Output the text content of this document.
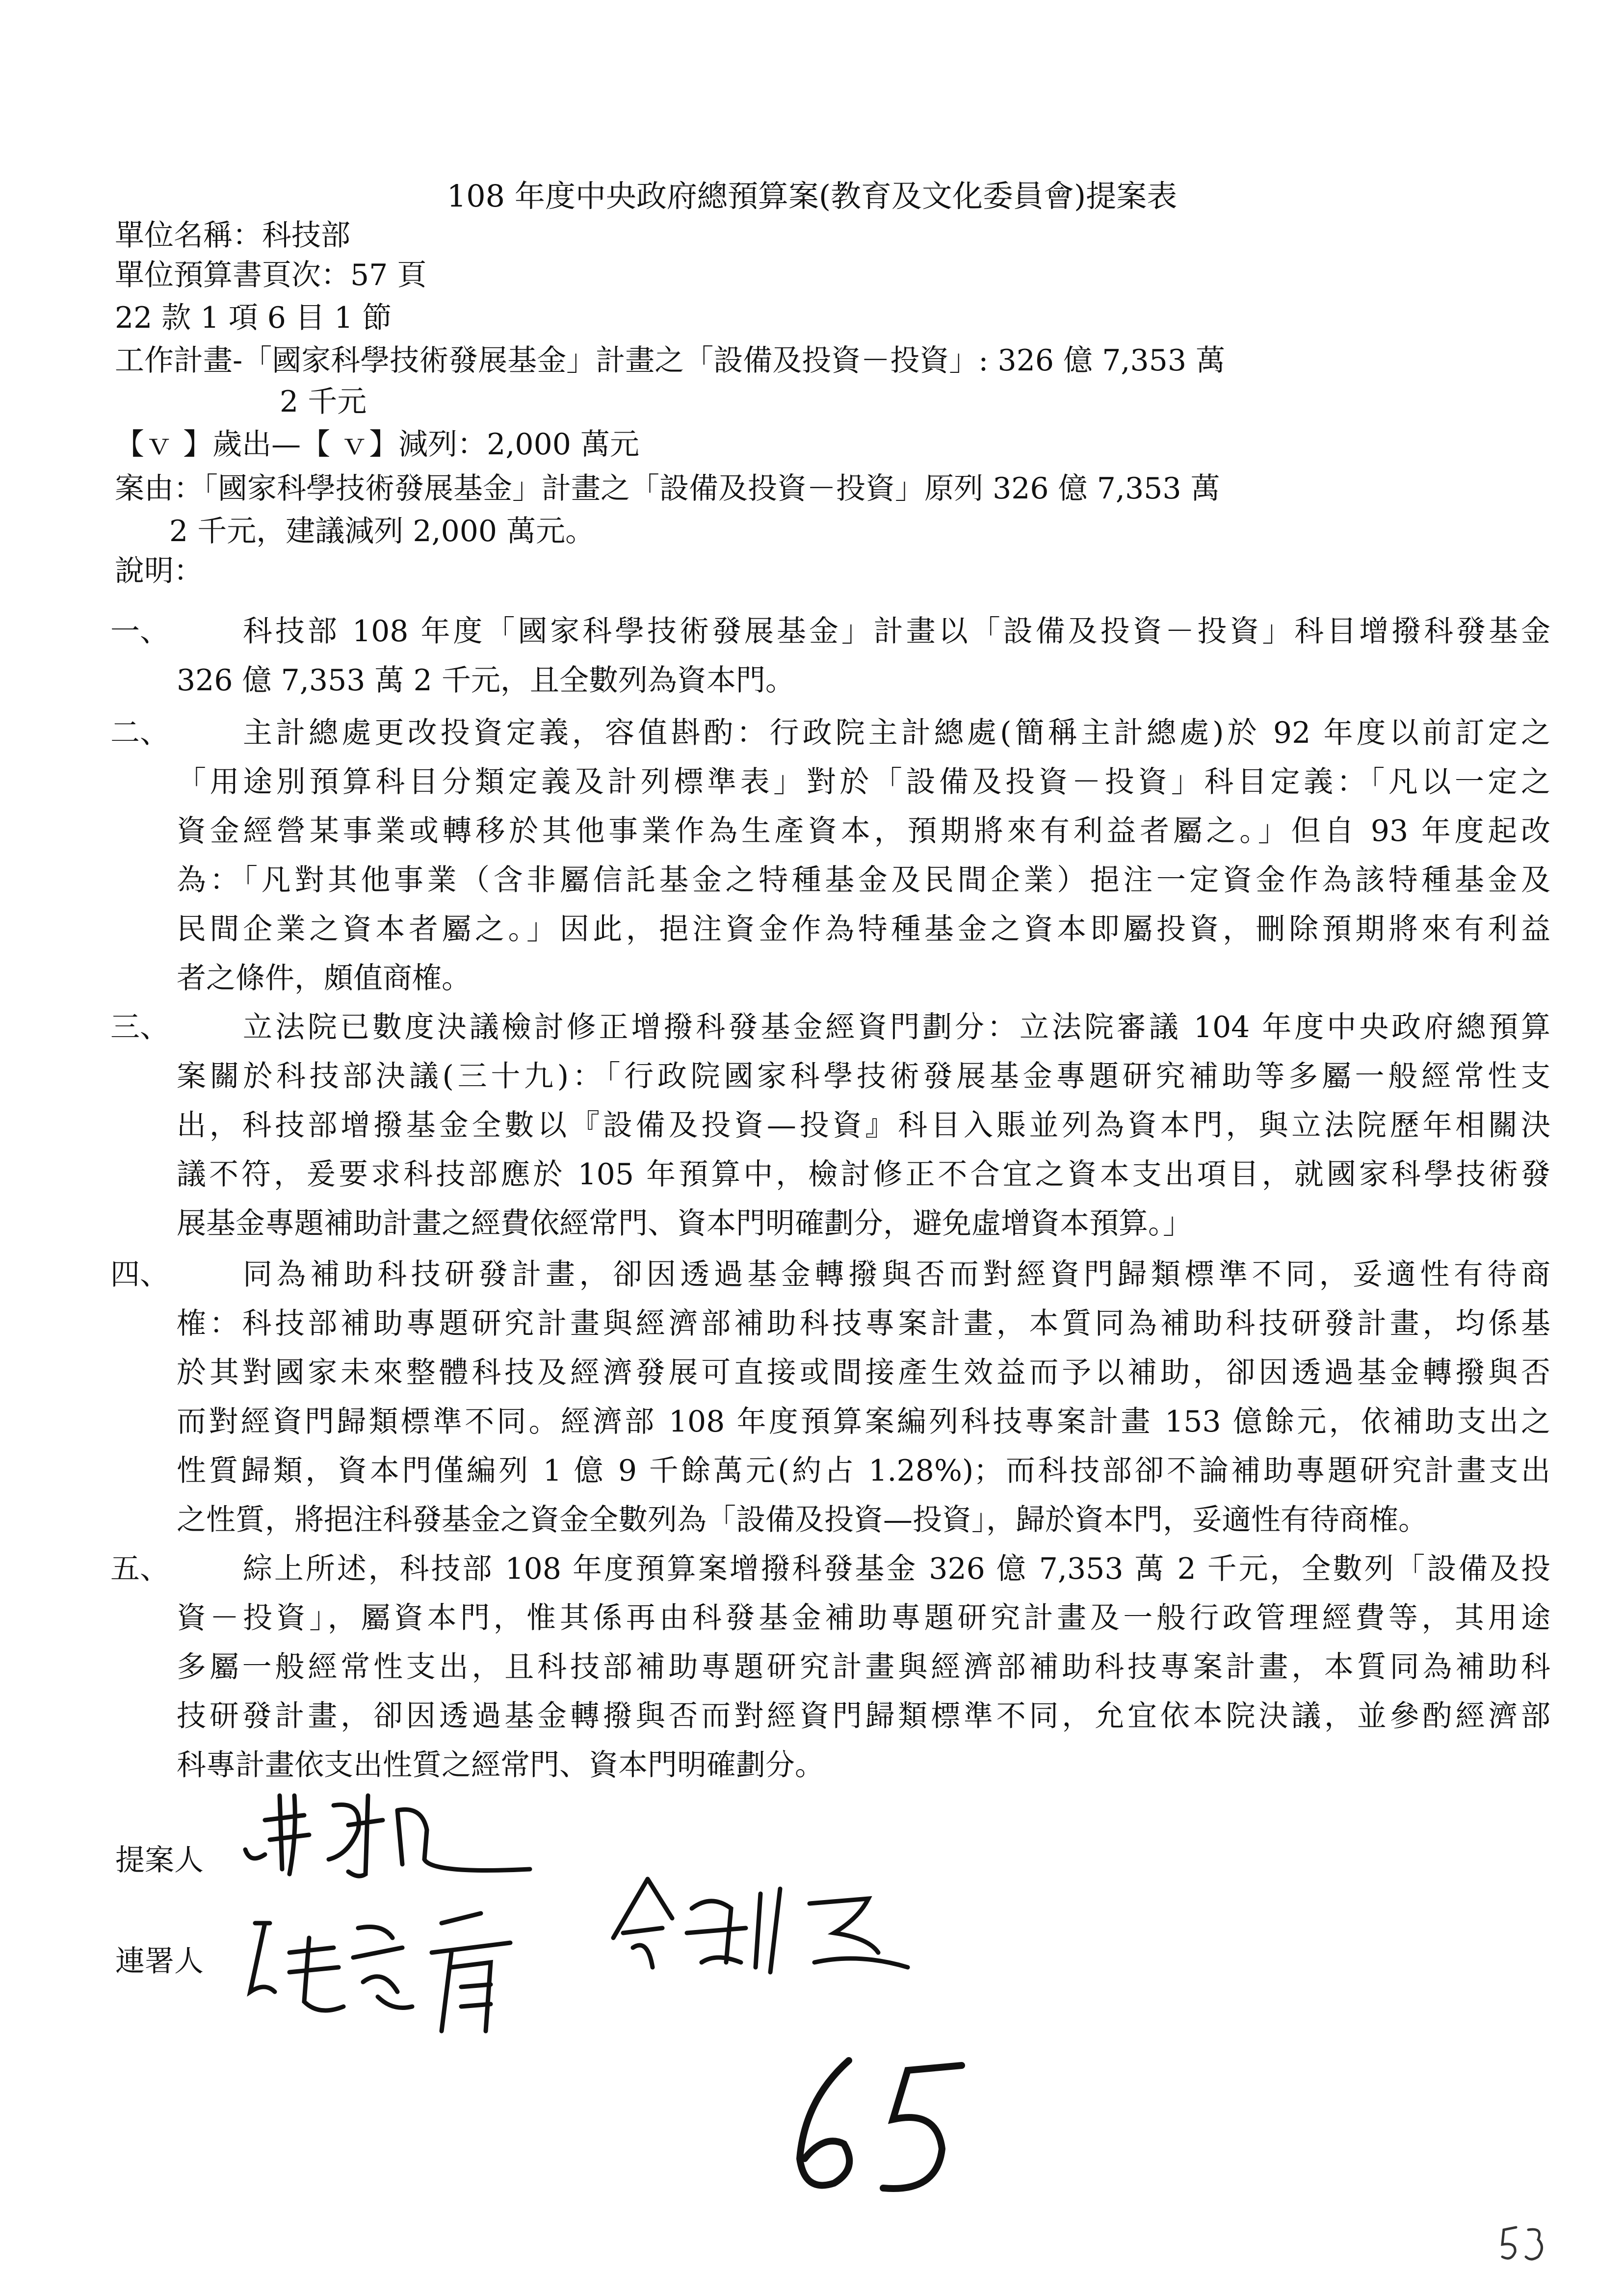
108 年度中央政府總預算案(教育及文化委員會)提案表
單位名稱：科技部
單位預算書頁次：57 頁
22 款 1 項 6 目 1 節
工作計畫-「國家科學技術發展基金」計畫之「設備及投資－投資」: 326 億 7,353 萬
2 千元
【ｖ 】歲出—【 ｖ】減列：2,000 萬元
案由：「國家科學技術發展基金」計畫之「設備及投資－投資」原列 326 億 7,353 萬
2 千元，建議減列 2,000 萬元。
說明：
一、	科技部 108 年度「國家科學技術發展基金」計畫以「設備及投資－投資」科目增撥科發基金
326 億 7,353 萬 2 千元，且全數列為資本門。
二、	主計總處更改投資定義，容值斟酌：行政院主計總處(簡稱主計總處)於 92 年度以前訂定之
「用途別預算科目分類定義及計列標準表」對於「設備及投資－投資」科目定義：「凡以一定之
資金經營某事業或轉移於其他事業作為生產資本，預期將來有利益者屬之。」但自 93 年度起改
為：「凡對其他事業（含非屬信託基金之特種基金及民間企業）挹注一定資金作為該特種基金及
民間企業之資本者屬之。」因此，挹注資金作為特種基金之資本即屬投資，刪除預期將來有利益
者之條件，頗值商榷。
三、	立法院已數度決議檢討修正增撥科發基金經資門劃分：立法院審議 104 年度中央政府總預算
案關於科技部決議(三十九)：「行政院國家科學技術發展基金專題研究補助等多屬一般經常性支
出，科技部增撥基金全數以『設備及投資—投資』科目入賬並列為資本門，與立法院歷年相關決
議不符，爰要求科技部應於 105 年預算中，檢討修正不合宜之資本支出項目，就國家科學技術發
展基金專題補助計畫之經費依經常門、資本門明確劃分，避免虛增資本預算。」
四、	同為補助科技研發計畫，卻因透過基金轉撥與否而對經資門歸類標準不同，妥適性有待商
榷：科技部補助專題研究計畫與經濟部補助科技專案計畫，本質同為補助科技研發計畫，均係基
於其對國家未來整體科技及經濟發展可直接或間接產生效益而予以補助，卻因透過基金轉撥與否
而對經資門歸類標準不同。經濟部 108 年度預算案編列科技專案計畫 153 億餘元，依補助支出之
性質歸類，資本門僅編列 1 億 9 千餘萬元(約占 1.28%)；而科技部卻不論補助專題研究計畫支出
之性質，將挹注科發基金之資金全數列為「設備及投資—投資」，歸於資本門，妥適性有待商榷。
五、	綜上所述，科技部 108 年度預算案增撥科發基金 326 億 7,353 萬 2 千元，全數列「設備及投
資－投資」，屬資本門，惟其係再由科發基金補助專題研究計畫及一般行政管理經費等，其用途
多屬一般經常性支出，且科技部補助專題研究計畫與經濟部補助科技專案計畫，本質同為補助科
技研發計畫，卻因透過基金轉撥與否而對經資門歸類標準不同，允宜依本院決議，並參酌經濟部
科專計畫依支出性質之經常門、資本門明確劃分。
提案人
連署人
